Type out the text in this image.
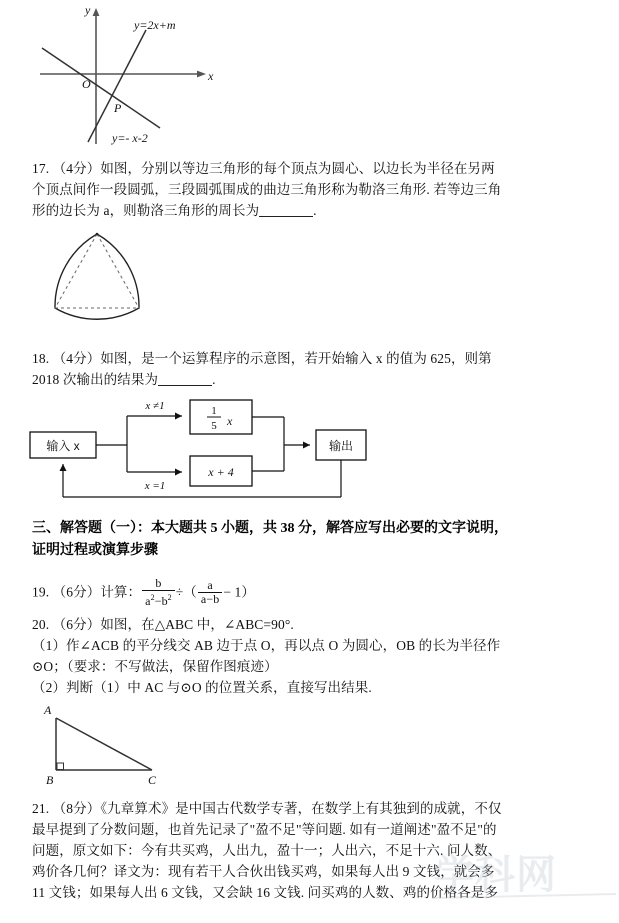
y
x
O
P
y=2x+m
y=- x-2
17. （4分）如图，分别以等边三角形的每个顶点为圆心、以边长为半径在另两
个顶点间作一段圆弧，三段圆弧围成的曲边三角形称为勒洛三角形. 若等边三角
形的边长为 a，则勒洛三角形的周长为	.
18. （4分）如图，是一个运算程序的示意图，若开始输入 x 的值为 625，则第
2018 次输出的结果为	.
输入 x
x ≠1
x =1
1
5 x
x + 4
输出
三、解答题（一）：本大题共 5 小题，共 38 分，解答应写出必要的文字说明，
证明过程或演算步骤
19. （6分）计算： $\frac{b}{a^2-b^2}$ ÷（ $\frac{a}{a-b} - 1$）
20. （6分）如图，在△ABC 中，∠ABC=90°.
（1）作∠ACB 的平分线交 AB 边于点 O，再以点 O 为圆心，OB 的长为半径作
⊙O；（要求：不写做法，保留作图痕迹）
（2）判断（1）中 AC 与⊙O 的位置关系，直接写出结果.
A
B	C
21. （8分）《九章算术》是中国古代数学专著，在数学上有其独到的成就，不仅
最早提到了分数问题，也首先记录了"盈不足"等问题. 如有一道阐述"盈不足"的
问题，原文如下：今有共买鸡，人出九，盈十一；人出六，不足十六. 问人数、
鸡价各几何？译文为：现有若干人合伙出钱买鸡，如果每人出 9 文钱，就会多
11 文钱；如果每人出 6 文钱，又会缺 16 文钱. 问买鸡的人数、鸡的价格各是多
学科网
